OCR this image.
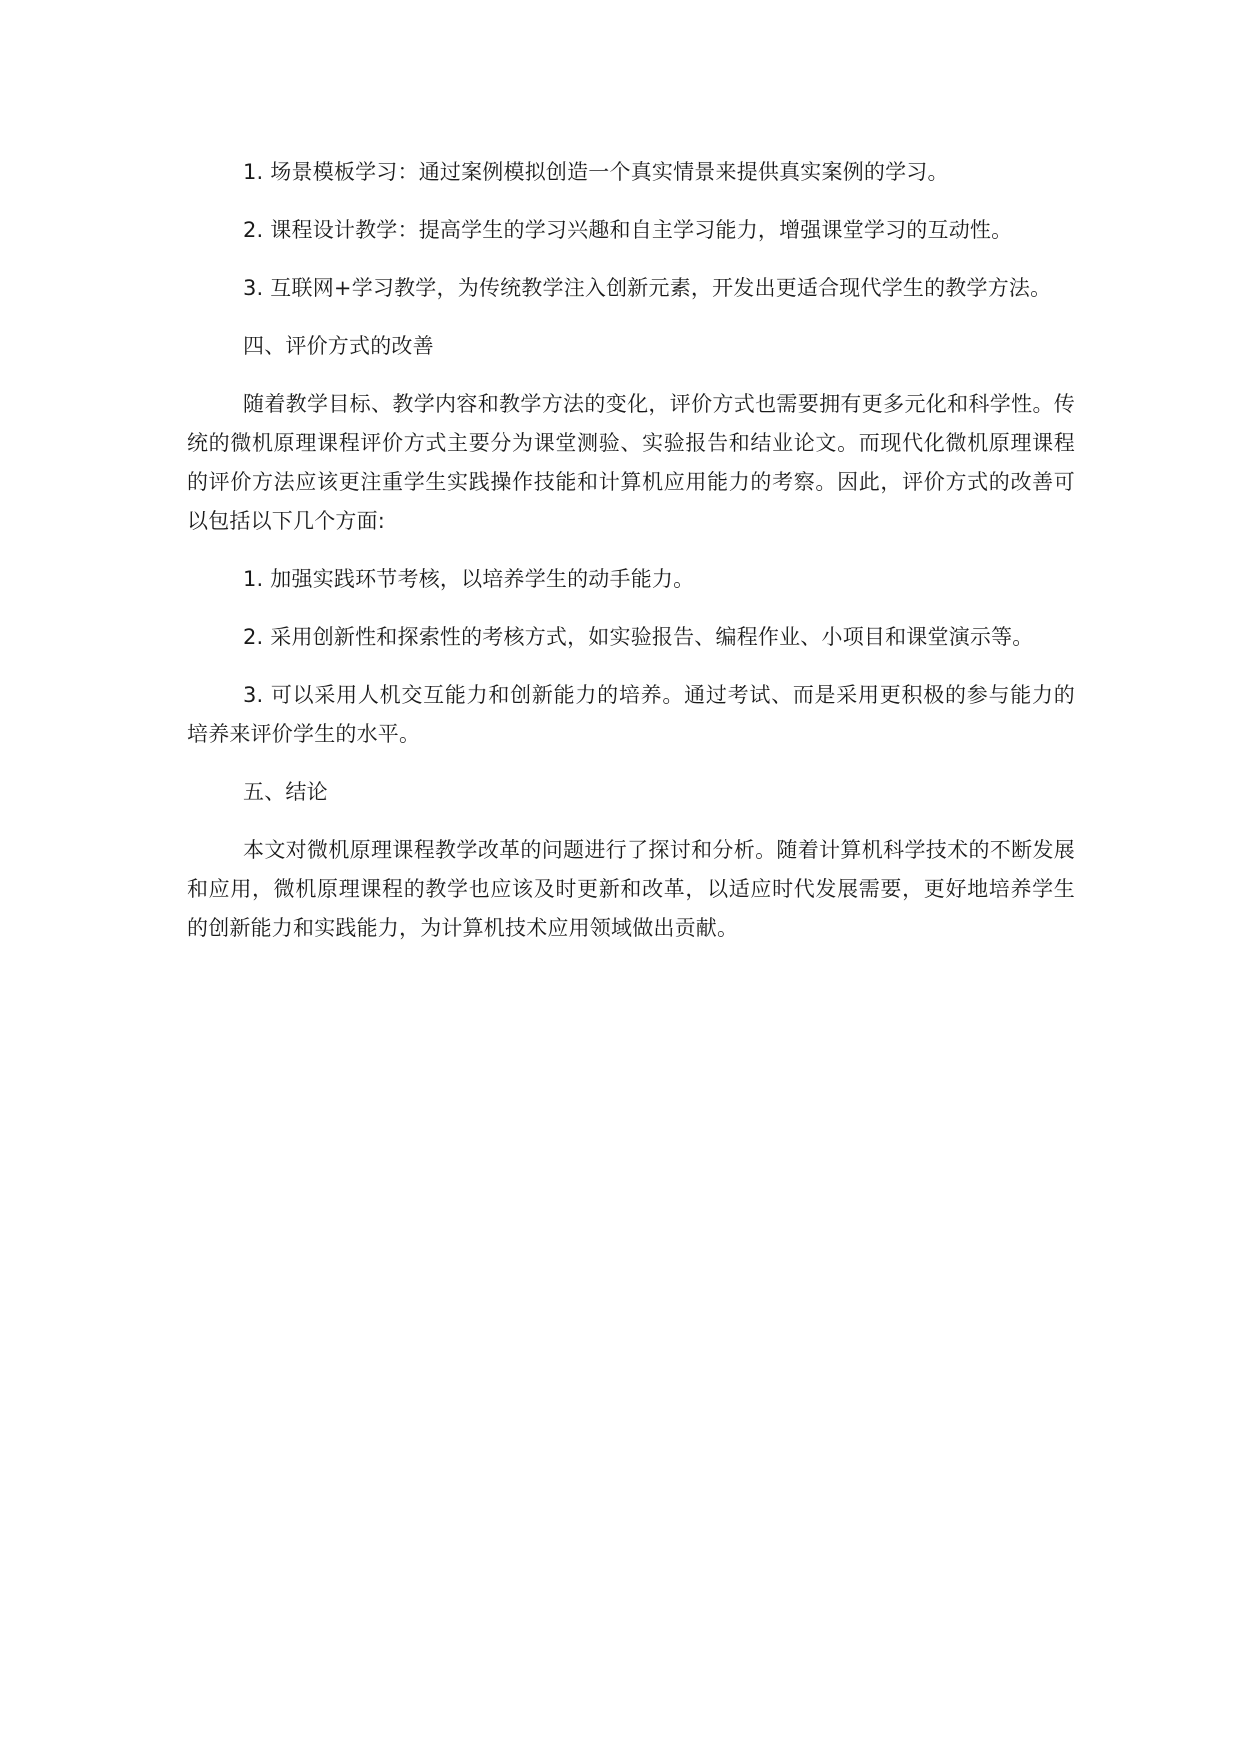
1. 场景模板学习：通过案例模拟创造一个真实情景来提供真实案例的学习。

2. 课程设计教学：提高学生的学习兴趣和自主学习能力，增强课堂学习的互动性。

3. 互联网+学习教学，为传统教学注入创新元素，开发出更适合现代学生的教学方法。

四、评价方式的改善

随着教学目标、教学内容和教学方法的变化，评价方式也需要拥有更多元化和科学性。传统的微机原理课程评价方式主要分为课堂测验、实验报告和结业论文。而现代化微机原理课程的评价方法应该更注重学生实践操作技能和计算机应用能力的考察。因此，评价方式的改善可以包括以下几个方面:

1. 加强实践环节考核，以培养学生的动手能力。

2. 采用创新性和探索性的考核方式，如实验报告、编程作业、小项目和课堂演示等。

3. 可以采用人机交互能力和创新能力的培养。通过考试、而是采用更积极的参与能力的培养来评价学生的水平。

五、结论

本文对微机原理课程教学改革的问题进行了探讨和分析。随着计算机科学技术的不断发展和应用，微机原理课程的教学也应该及时更新和改革，以适应时代发展需要，更好地培养学生的创新能力和实践能力，为计算机技术应用领域做出贡献。
